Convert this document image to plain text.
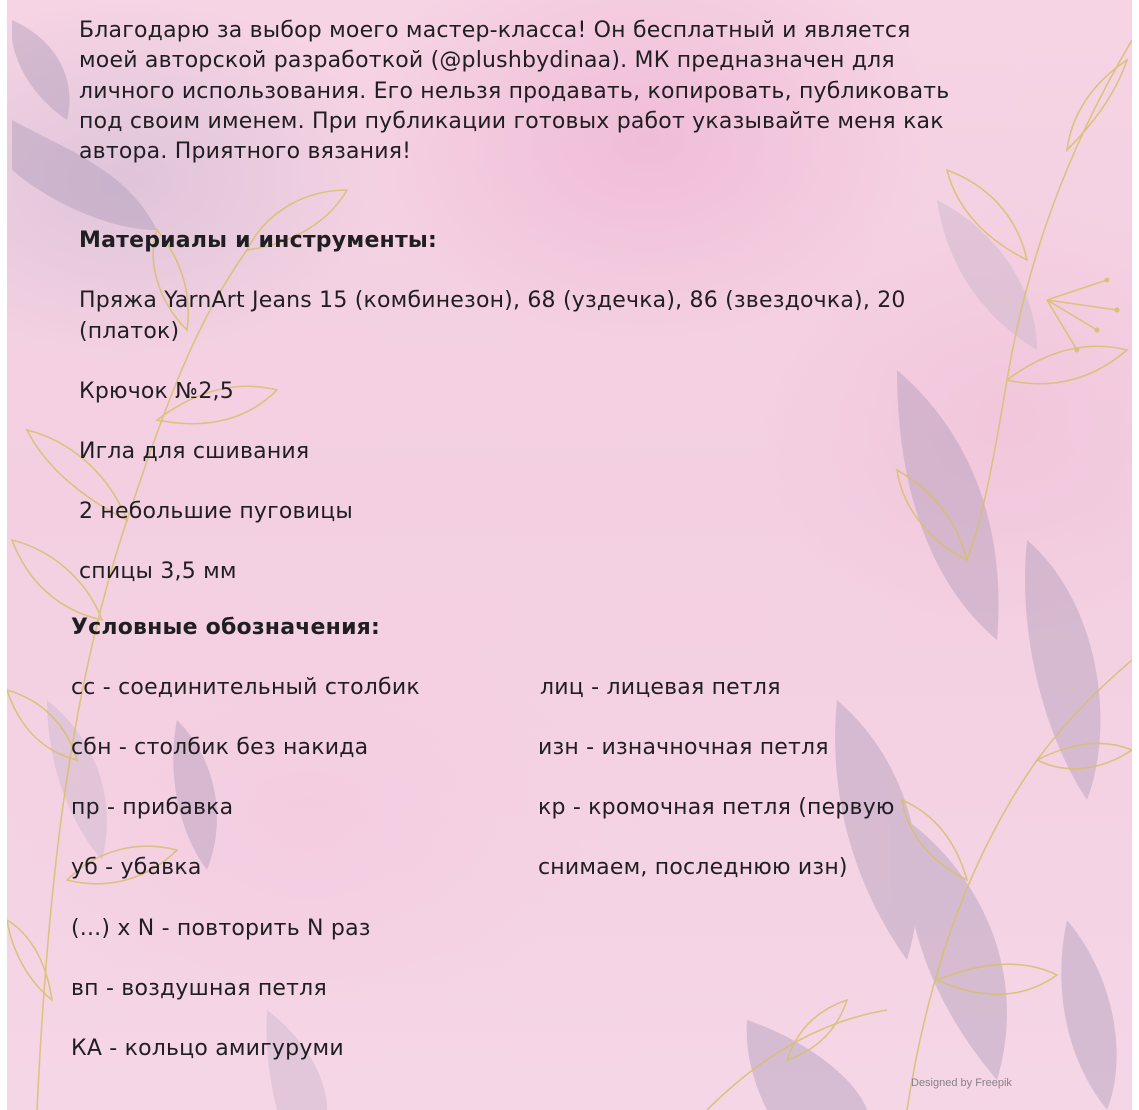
Благодарю за выбор моего мастер-класса! Он бесплатный и является

моей авторской разработкой (@plushbydinaa). МК предназначен для

личного использования. Его нельзя продавать, копировать, публиковать

под своим именем. При публикации готовых работ указывайте меня как

автора. Приятного вязания!

Материалы и инструменты:

Пряжа YarnArt Jeans 15 (комбинезон), 68 (уздечка), 86 (звездочка), 20

(платок)

Крючок №2,5

Игла для сшивания

2 небольшие пуговицы

спицы 3,5 мм

Условные обозначения:

сс - соединительный столбик

сбн - столбик без накида

пр - прибавка

уб - убавка

(...) x N - повторить N раз

вп - воздушная петля

КА - кольцо амигуруми

лиц - лицевая петля

изн - изначночная петля

кр - кромочная петля (первую

снимаем, последнюю изн)

Designed by Freepik
